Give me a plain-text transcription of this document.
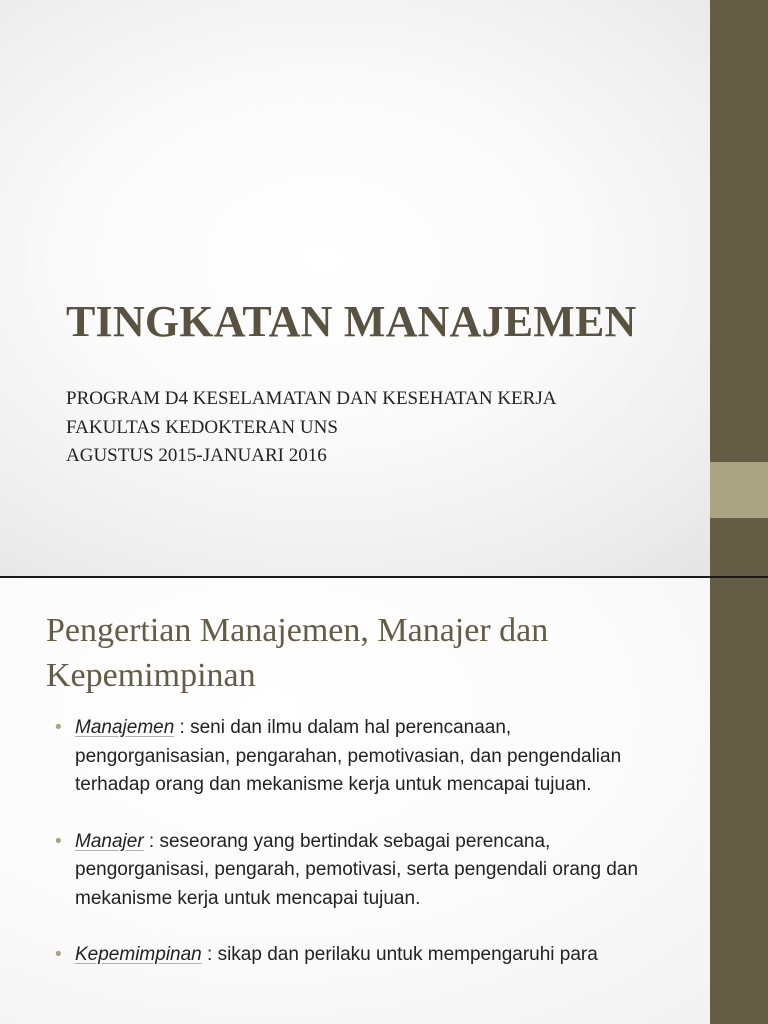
TINGKATAN MANAJEMEN
PROGRAM D4 KESELAMATAN DAN KESEHATAN KERJA
FAKULTAS KEDOKTERAN UNS
AGUSTUS 2015-JANUARI 2016
Pengertian Manajemen, Manajer dan Kepemimpinan
• Manajemen : seni dan ilmu dalam hal perencanaan, pengorganisasian, pengarahan, pemotivasian, dan pengendalian terhadap orang dan mekanisme kerja untuk mencapai tujuan.
• Manajer : seseorang yang bertindak sebagai perencana, pengorganisasi, pengarah, pemotivasi, serta pengendali orang dan mekanisme kerja untuk mencapai tujuan.
• Kepemimpinan : sikap dan perilaku untuk mempengaruhi para
